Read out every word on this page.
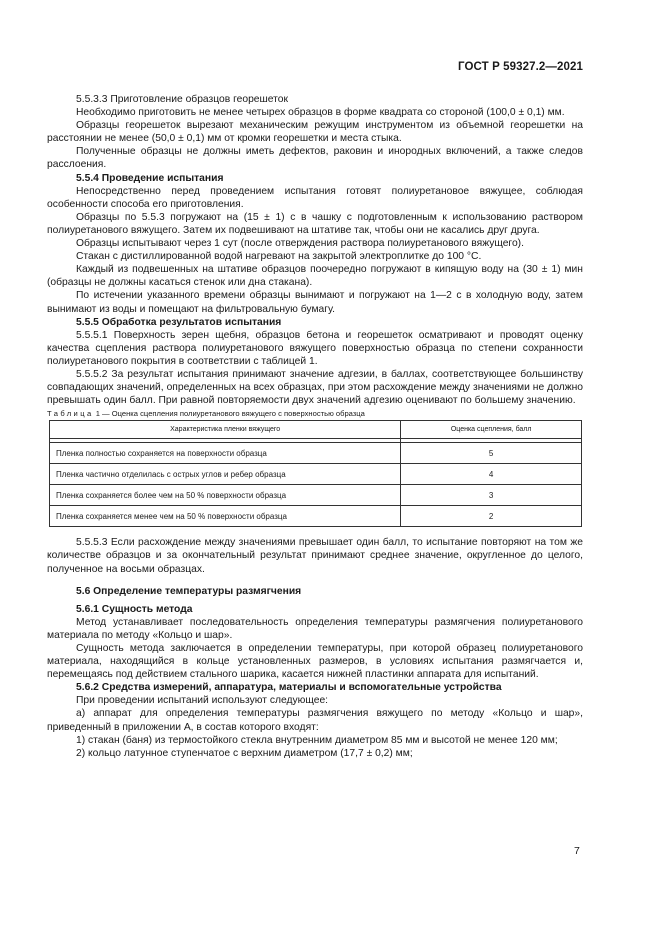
ГОСТ Р 59327.2—2021

5.5.3.3 Приготовление образцов георешеток

Необходимо приготовить не менее четырех образцов в форме квадрата со стороной (100,0 ± 0,1) мм.

Образцы георешеток вырезают механическим режущим инструментом из объемной георешетки на расстоянии не менее (50,0 ± 0,1) мм от кромки георешетки и места стыка.

Полученные образцы не должны иметь дефектов, раковин и инородных включений, а также следов расслоения.

5.5.4 Проведение испытания

Непосредственно перед проведением испытания готовят полиуретановое вяжущее, соблюдая особенности способа его приготовления.

Образцы по 5.5.3 погружают на (15 ± 1) с в чашку с подготовленным к использованию раствором полиуретанового вяжущего. Затем их подвешивают на штативе так, чтобы они не касались друг друга.

Образцы испытывают через 1 сут (после отверждения раствора полиуретанового вяжущего).

Стакан с дистиллированной водой нагревают на закрытой электроплитке до 100 °С.

Каждый из подвешенных на штативе образцов поочередно погружают в кипящую воду на (30 ± 1) мин (образцы не должны касаться стенок или дна стакана).

По истечении указанного времени образцы вынимают и погружают на 1—2 с в холодную воду, затем вынимают из воды и помещают на фильтровальную бумагу.

5.5.5 Обработка результатов испытания

5.5.5.1 Поверхность зерен щебня, образцов бетона и георешеток осматривают и проводят оценку качества сцепления раствора полиуретанового вяжущего поверхностью образца по степени сохранности полиуретанового покрытия в соответствии с таблицей 1.

5.5.5.2 За результат испытания принимают значение адгезии, в баллах, соответствующее большинству совпадающих значений, определенных на всех образцах, при этом расхождение между значениями не должно превышать один балл. При равной повторяемости двух значений адгезию оценивают по большему значению.

Таблица 1 — Оценка сцепления полиуретанового вяжущего с поверхностью образца

Характеристика пленки вяжущего	Оценка сцепления, балл

Пленка полностью сохраняется на поверхности образца	5
Пленка частично отделилась с острых углов и ребер образца	4
Пленка сохраняется более чем на 50 % поверхности образца	3
Пленка сохраняется менее чем на 50 % поверхности образца	2

5.5.5.3 Если расхождение между значениями превышает один балл, то испытание повторяют на том же количестве образцов и за окончательный результат принимают среднее значение, округленное до целого, полученное на восьми образцах.

5.6 Определение температуры размягчения

5.6.1 Сущность метода

Метод устанавливает последовательность определения температуры размягчения полиуретанового материала по методу «Кольцо и шар».

Сущность метода заключается в определении температуры, при которой образец полиуретанового материала, находящийся в кольце установленных размеров, в условиях испытания размягчается и, перемещаясь под действием стального шарика, касается нижней пластинки аппарата для испытаний.

5.6.2 Средства измерений, аппаратура, материалы и вспомогательные устройства

При проведении испытаний используют следующее:

а) аппарат для определения температуры размягчения вяжущего по методу «Кольцо и шар», приведенный в приложении А, в состав которого входят:

1) стакан (баня) из термостойкого стекла внутренним диаметром 85 мм и высотой не менее 120 мм;

2) кольцо латунное ступенчатое с верхним диаметром (17,7 ± 0,2) мм;

7
